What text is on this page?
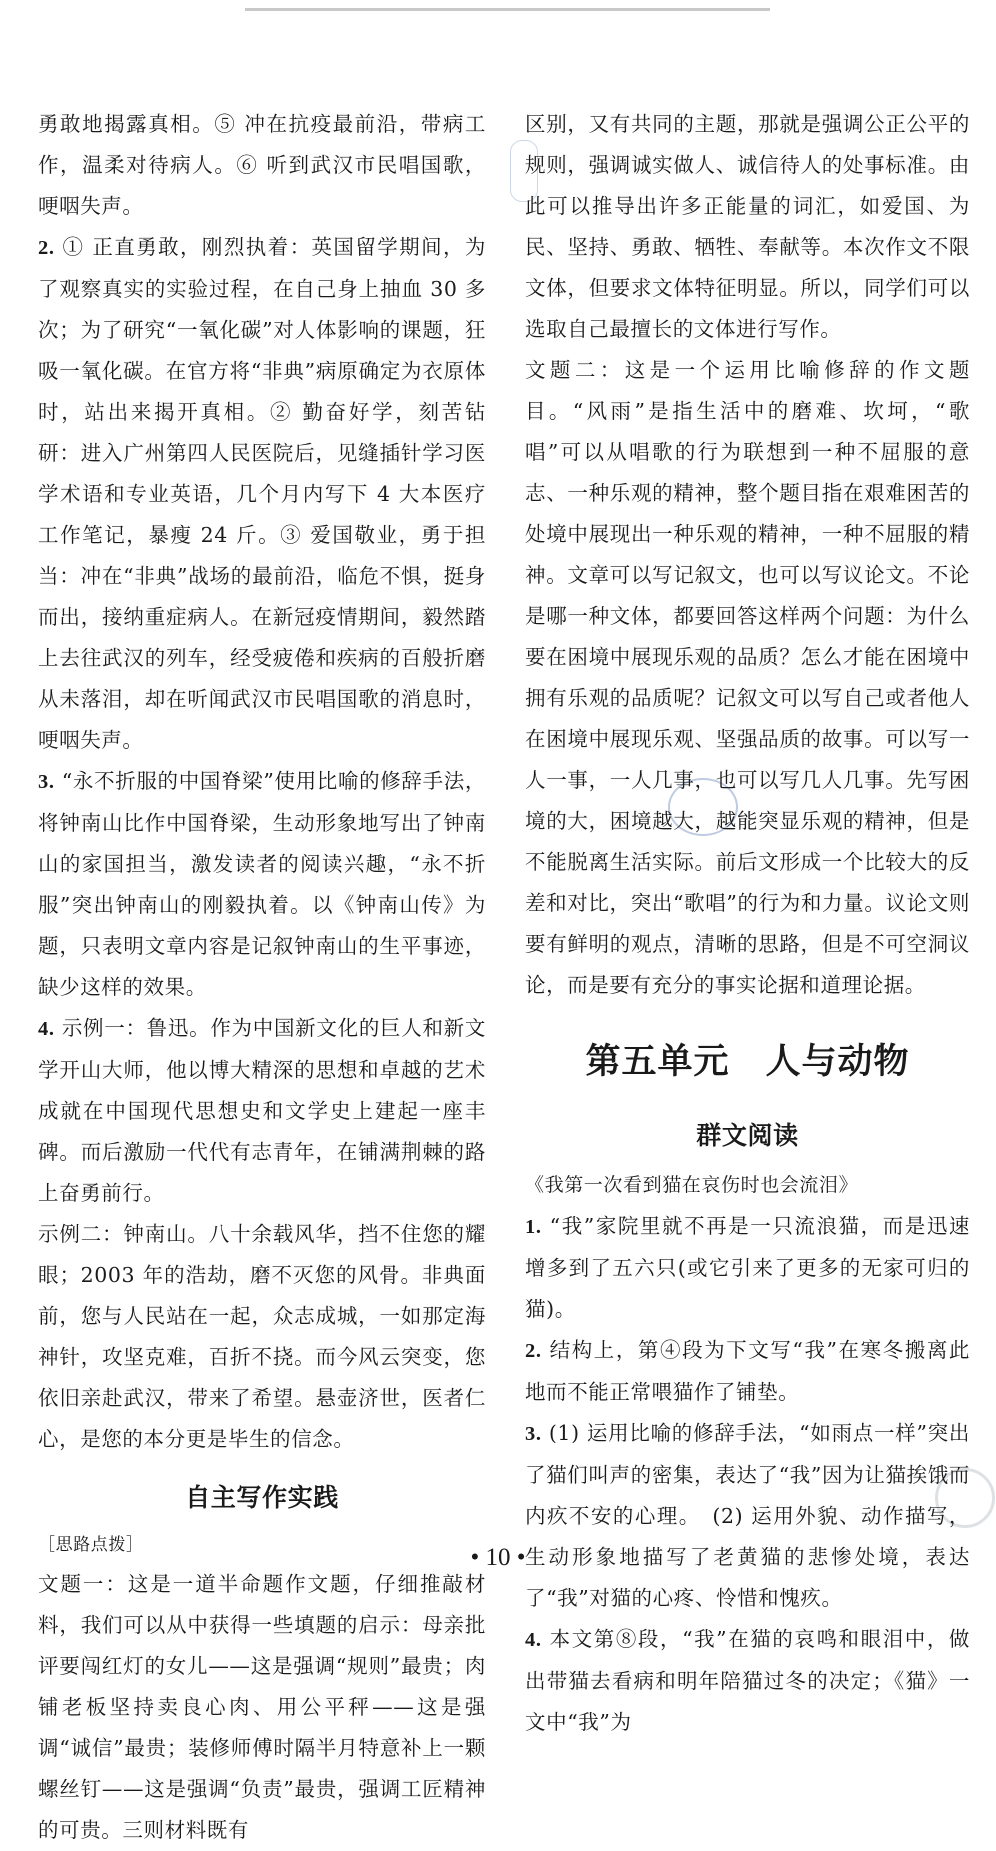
勇敢地揭露真相。⑤ 冲在抗疫最前沿，带病工作，温柔对待病人。⑥ 听到武汉市民唱国歌，哽咽失声。

2. ① 正直勇敢，刚烈执着：英国留学期间，为了观察真实的实验过程，在自己身上抽血 30 多次；为了研究“一氧化碳”对人体影响的课题，狂吸一氧化碳。在官方将“非典”病原确定为衣原体时，站出来揭开真相。② 勤奋好学，刻苦钻研：进入广州第四人民医院后，见缝插针学习医学术语和专业英语，几个月内写下 4 大本医疗工作笔记，暴瘦 24 斤。③ 爱国敬业，勇于担当：冲在“非典”战场的最前沿，临危不惧，挺身而出，接纳重症病人。在新冠疫情期间，毅然踏上去往武汉的列车，经受疲倦和疾病的百般折磨从未落泪，却在听闻武汉市民唱国歌的消息时，哽咽失声。

3. “永不折服的中国脊梁”使用比喻的修辞手法，将钟南山比作中国脊梁，生动形象地写出了钟南山的家国担当，激发读者的阅读兴趣，“永不折服”突出钟南山的刚毅执着。以《钟南山传》为题，只表明文章内容是记叙钟南山的生平事迹，缺少这样的效果。

4. 示例一：鲁迅。作为中国新文化的巨人和新文学开山大师，他以博大精深的思想和卓越的艺术成就在中国现代思想史和文学史上建起一座丰碑。而后激励一代代有志青年，在铺满荆棘的路上奋勇前行。

示例二：钟南山。八十余载风华，挡不住您的耀眼；2003 年的浩劫，磨不灭您的风骨。非典面前，您与人民站在一起，众志成城，一如那定海神针，攻坚克难，百折不挠。而今风云突变，您依旧亲赴武汉，带来了希望。悬壶济世，医者仁心，是您的本分更是毕生的信念。

自主写作实践
［思路点拨］

文题一：这是一道半命题作文题，仔细推敲材料，我们可以从中获得一些填题的启示：母亲批评要闯红灯的女儿——这是强调“规则”最贵；肉铺老板坚持卖良心肉、用公平秤——这是强调“诚信”最贵；装修师傅时隔半月特意补上一颗螺丝钉——这是强调“负责”最贵，强调工匠精神的可贵。三则材料既有

区别，又有共同的主题，那就是强调公正公平的规则，强调诚实做人、诚信待人的处事标准。由此可以推导出许多正能量的词汇，如爱国、为民、坚持、勇敢、牺牲、奉献等。本次作文不限文体，但要求文体特征明显。所以，同学们可以选取自己最擅长的文体进行写作。

文题二：这是一个运用比喻修辞的作文题目。“风雨”是指生活中的磨难、坎坷，“歌唱”可以从唱歌的行为联想到一种不屈服的意志、一种乐观的精神，整个题目指在艰难困苦的处境中展现出一种乐观的精神，一种不屈服的精神。文章可以写记叙文，也可以写议论文。不论是哪一种文体，都要回答这样两个问题：为什么要在困境中展现乐观的品质？怎么才能在困境中拥有乐观的品质呢？记叙文可以写自己或者他人在困境中展现乐观、坚强品质的故事。可以写一人一事，一人几事，也可以写几人几事。先写困境的大，困境越大，越能突显乐观的精神，但是不能脱离生活实际。前后文形成一个比较大的反差和对比，突出“歌唱”的行为和力量。议论文则要有鲜明的观点，清晰的思路，但是不可空洞议论，而是要有充分的事实论据和道理论据。

第五单元　人与动物
群文阅读
《我第一次看到猫在哀伤时也会流泪》

1. “我”家院里就不再是一只流浪猫，而是迅速增多到了五六只(或它引来了更多的无家可归的猫)。

2. 结构上，第④段为下文写“我”在寒冬搬离此地而不能正常喂猫作了铺垫。

3. (1) 运用比喻的修辞手法，“如雨点一样”突出了猫们叫声的密集，表达了“我”因为让猫挨饿而内疚不安的心理。　(2) 运用外貌、动作描写，生动形象地描写了老黄猫的悲惨处境，表达了“我”对猫的心疼、怜惜和愧疚。

4. 本文第⑧段，“我”在猫的哀鸣和眼泪中，做出带猫去看病和明年陪猫过冬的决定；《猫》一文中“我”为

• 10 •
